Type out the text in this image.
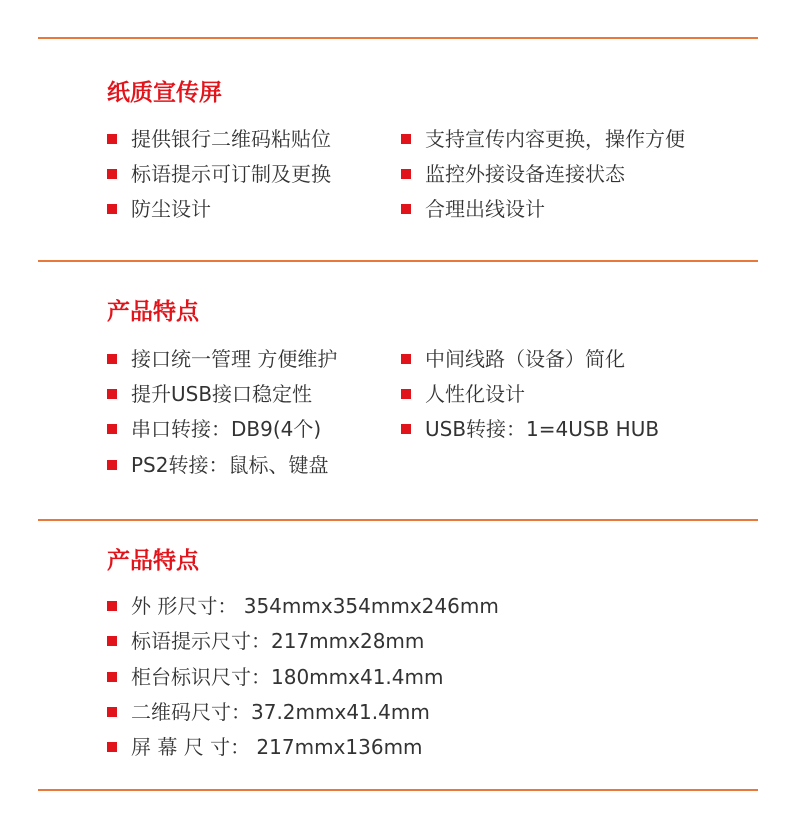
纸质宣传屏
提供银行二维码粘贴位
标语提示可订制及更换
防尘设计
支持宣传内容更换，操作方便
监控外接设备连接状态
合理出线设计
产品特点
接口统一管理 方便维护
提升USB接口稳定性
串口转接：DB9(4个)
PS2转接：鼠标、键盘
中间线路（设备）简化
人性化设计
USB转接：1=4USB HUB
产品特点
外 形尺寸： 354mmx354mmx246mm
标语提示尺寸：217mmx28mm
柜台标识尺寸：180mmx41.4mm
二维码尺寸：37.2mmx41.4mm
屏 幕 尺 寸： 217mmx136mm
